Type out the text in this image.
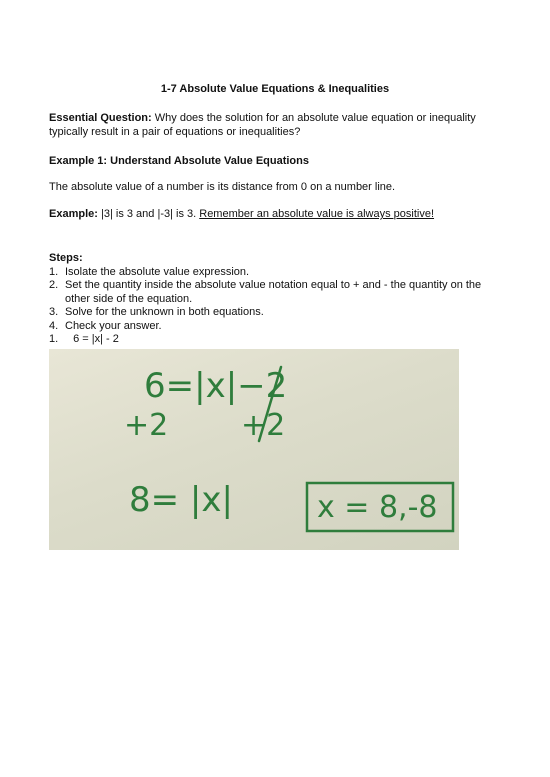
1-7 Absolute Value Equations & Inequalities
Essential Question: Why does the solution for an absolute value equation or inequality typically result in a pair of equations or inequalities?
Example 1: Understand Absolute Value Equations
The absolute value of a number is its distance from 0 on a number line.
Example: |3| is 3 and |-3| is 3. Remember an absolute value is always positive!
Steps:
1. Isolate the absolute value expression.
2. Set the quantity inside the absolute value notation equal to + and - the quantity on the other side of the equation.
3. Solve for the unknown in both equations.
4. Check your answer.
1. 6 = |x| - 2
6=|x|−2
+2 +2
8= |x|	x = 8,-8
